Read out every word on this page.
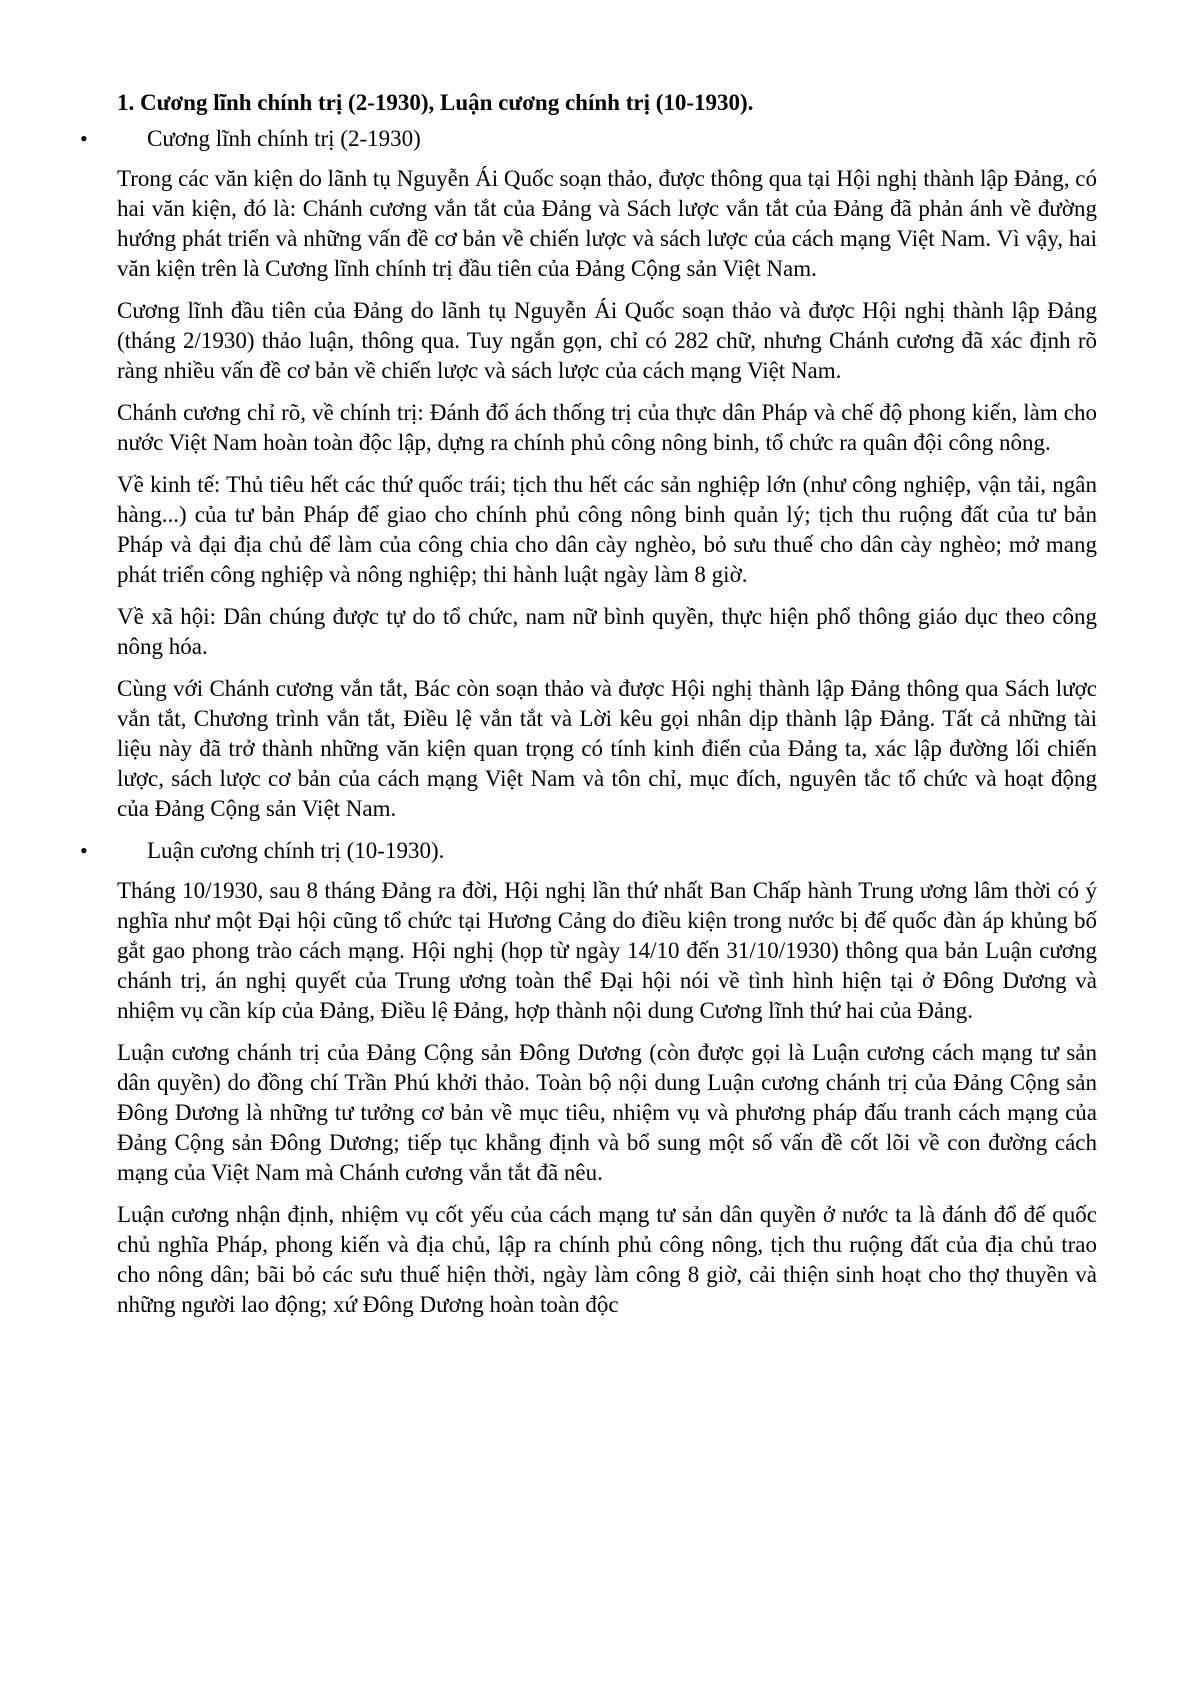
1. Cương lĩnh chính trị (2-1930), Luận cương chính trị (10-1930).
•	Cương lĩnh chính trị (2-1930)

Trong các văn kiện do lãnh tụ Nguyễn Ái Quốc soạn thảo, được thông qua tại Hội nghị thành lập Đảng, có hai văn kiện, đó là: Chánh cương vắn tắt của Đảng và Sách lược vắn tắt của Đảng đã phản ánh về đường hướng phát triển và những vấn đề cơ bản về chiến lược và sách lược của cách mạng Việt Nam. Vì vậy, hai văn kiện trên là Cương lĩnh chính trị đầu tiên của Đảng Cộng sản Việt Nam.

Cương lĩnh đầu tiên của Đảng do lãnh tụ Nguyễn Ái Quốc soạn thảo và được Hội nghị thành lập Đảng (tháng 2/1930) thảo luận, thông qua. Tuy ngắn gọn, chỉ có 282 chữ, nhưng Chánh cương đã xác định rõ ràng nhiều vấn đề cơ bản về chiến lược và sách lược của cách mạng Việt Nam.

Chánh cương chỉ rõ, về chính trị: Đánh đổ ách thống trị của thực dân Pháp và chế độ phong kiến, làm cho nước Việt Nam hoàn toàn độc lập, dựng ra chính phủ công nông binh, tổ chức ra quân đội công nông.

Về kinh tế: Thủ tiêu hết các thứ quốc trái; tịch thu hết các sản nghiệp lớn (như công nghiệp, vận tải, ngân hàng...) của tư bản Pháp để giao cho chính phủ công nông binh quản lý; tịch thu ruộng đất của tư bản Pháp và đại địa chủ để làm của công chia cho dân cày nghèo, bỏ sưu thuế cho dân cày nghèo; mở mang phát triển công nghiệp và nông nghiệp; thi hành luật ngày làm 8 giờ.

Về xã hội: Dân chúng được tự do tổ chức, nam nữ bình quyền, thực hiện phổ thông giáo dục theo công nông hóa.

Cùng với Chánh cương vắn tắt, Bác còn soạn thảo và được Hội nghị thành lập Đảng thông qua Sách lược vắn tắt, Chương trình vắn tắt, Điều lệ vắn tắt và Lời kêu gọi nhân dịp thành lập Đảng. Tất cả những tài liệu này đã trở thành những văn kiện quan trọng có tính kinh điển của Đảng ta, xác lập đường lối chiến lược, sách lược cơ bản của cách mạng Việt Nam và tôn chỉ, mục đích, nguyên tắc tổ chức và hoạt động của Đảng Cộng sản Việt Nam.

•	Luận cương chính trị (10-1930).

Tháng 10/1930, sau 8 tháng Đảng ra đời, Hội nghị lần thứ nhất Ban Chấp hành Trung ương lâm thời có ý nghĩa như một Đại hội cũng tổ chức tại Hương Cảng do điều kiện trong nước bị đế quốc đàn áp khủng bố gắt gao phong trào cách mạng. Hội nghị (họp từ ngày 14/10 đến 31/10/1930) thông qua bản Luận cương chánh trị, án nghị quyết của Trung ương toàn thể Đại hội nói về tình hình hiện tại ở Đông Dương và nhiệm vụ cần kíp của Đảng, Điều lệ Đảng, hợp thành nội dung Cương lĩnh thứ hai của Đảng.

Luận cương chánh trị của Đảng Cộng sản Đông Dương (còn được gọi là Luận cương cách mạng tư sản dân quyền) do đồng chí Trần Phú khởi thảo. Toàn bộ nội dung Luận cương chánh trị của Đảng Cộng sản Đông Dương là những tư tưởng cơ bản về mục tiêu, nhiệm vụ và phương pháp đấu tranh cách mạng của Đảng Cộng sản Đông Dương; tiếp tục khẳng định và bổ sung một số vấn đề cốt lõi về con đường cách mạng của Việt Nam mà Chánh cương vắn tắt đã nêu.

Luận cương nhận định, nhiệm vụ cốt yếu của cách mạng tư sản dân quyền ở nước ta là đánh đổ đế quốc chủ nghĩa Pháp, phong kiến và địa chủ, lập ra chính phủ công nông, tịch thu ruộng đất của địa chủ trao cho nông dân; bãi bỏ các sưu thuế hiện thời, ngày làm công 8 giờ, cải thiện sinh hoạt cho thợ thuyền và những người lao động; xứ Đông Dương hoàn toàn độc
